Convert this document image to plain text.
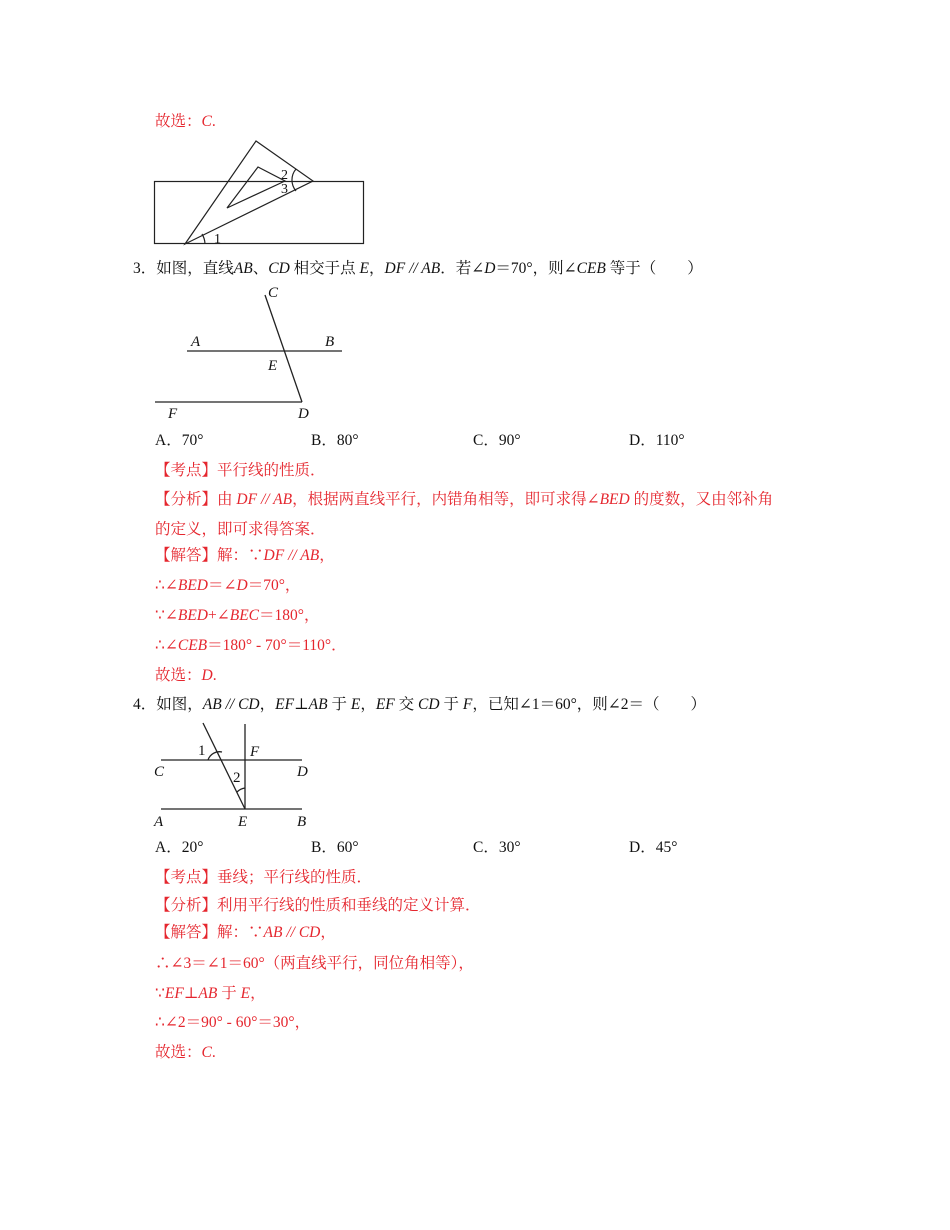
故选：C.
1
2
3
C
A	B
E
F	D
1
2
F
C	D
A	E	B
3．如图，直线AB、CD 相交于点 E，DF // AB．若∠D＝70°，则∠CEB 等于（　　）
A．70°	B．80°	C．90°	D．110°
【考点】平行线的性质．
【分析】由 DF // AB，根据两直线平行，内错角相等，即可求得∠BED 的度数，又由邻补角
的定义，即可求得答案．
【解答】解：∵DF // AB，
∴∠BED＝∠D＝70°，
∵∠BED+∠BEC＝180°，
∴∠CEB＝180° - 70°＝110°．
故选：D.
4．如图，AB // CD，EF⊥AB 于 E，EF 交 CD 于 F，已知∠1＝60°，则∠2＝（　　）
A．20°	B．60°	C．30°	D．45°
【考点】垂线；平行线的性质．
【分析】利用平行线的性质和垂线的定义计算．
【解答】解：∵AB // CD，
∴∠3＝∠1＝60°（两直线平行，同位角相等），
∵EF⊥AB 于 E，
∴∠2＝90° - 60°＝30°，
故选：C.
